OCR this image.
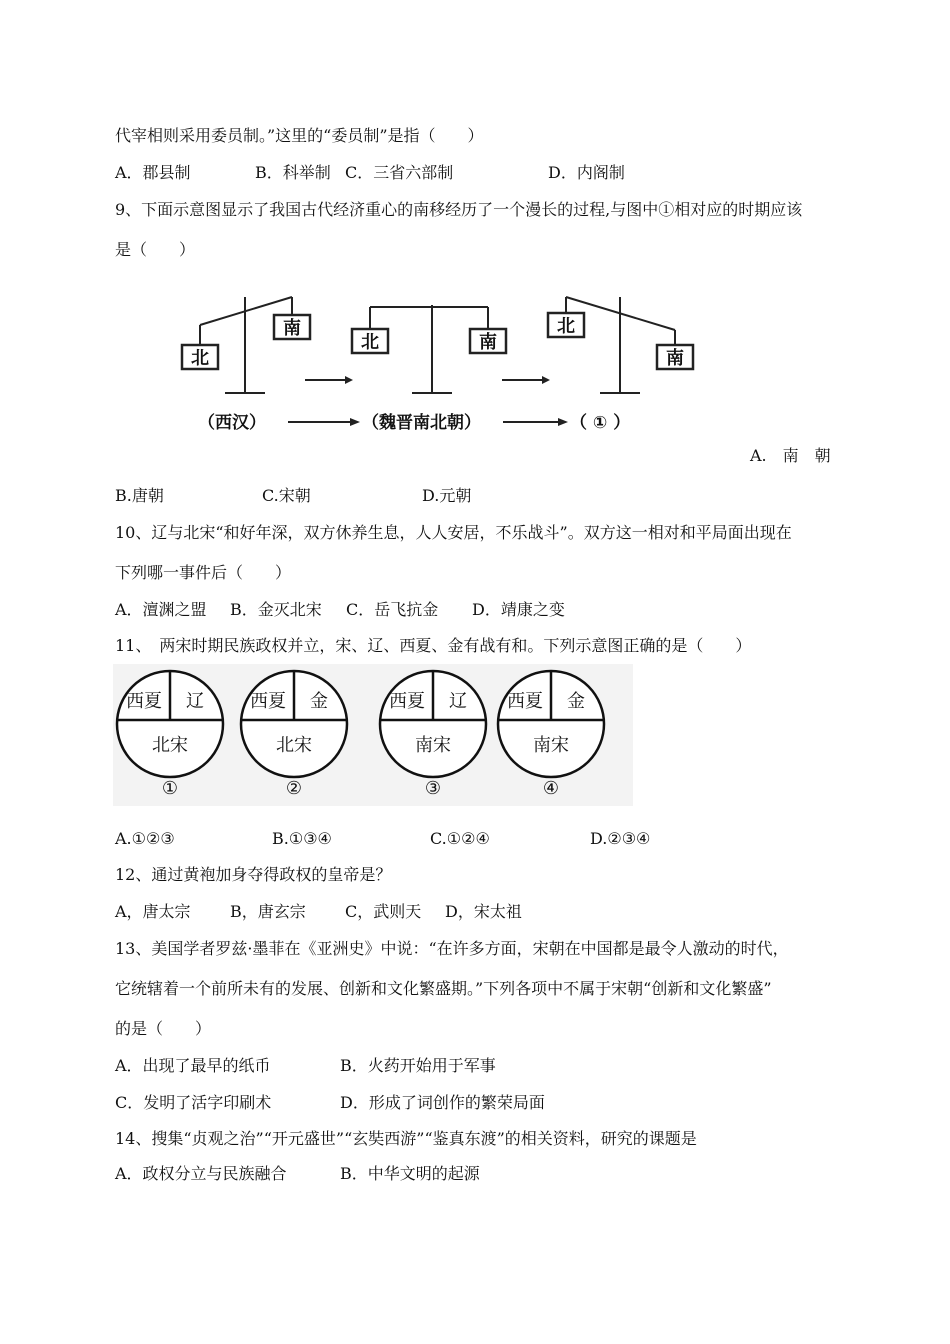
代宰相则采用委员制。”这里的“委员制”是指（　　）
A．郡县制	B．科举制 C．三省六部制	D．内阁制
9、下面示意图显示了我国古代经济重心的南移经历了一个漫长的过程,与图中①相对应的时期应该
是（　　）
北
南
北	南
北
南
（西汉）	（魏晋南北朝）	（ ① ）
A.　南　朝
B.唐朝	C.宋朝	D.元朝
10、辽与北宋“和好年深，双方休养生息，人人安居，不乐战斗”。双方这一相对和平局面出现在
下列哪一事件后（　　）
A．澶渊之盟 B．金灭北宋 C．岳飞抗金 D．靖康之变
11、　两宋时期民族政权并立，宋、辽、西夏、金有战有和。下列示意图正确的是（　　）
西夏 辽
北宋
①
西夏 金
北宋
②
西夏 辽
南宋
③
西夏 金
南宋
④
A.①②③	B.①③④	C.①②④	D.②③④
12、通过黄袍加身夺得政权的皇帝是？
A，唐太宗 B，唐玄宗 C，武则天 D，宋太祖
13、美国学者罗兹·墨菲在《亚洲史》中说：“在许多方面，宋朝在中国都是最令人激动的时代，
它统辖着一个前所未有的发展、创新和文化繁盛期。”下列各项中不属于宋朝“创新和文化繁盛”
的是（　　）
A．出现了最早的纸币	B．火药开始用于军事
C．发明了活字印刷术	D．形成了词创作的繁荣局面
14、搜集“贞观之治”“开元盛世”“玄奘西游”“鉴真东渡”的相关资料，研究的课题是
A．政权分立与民族融合	B．中华文明的起源
